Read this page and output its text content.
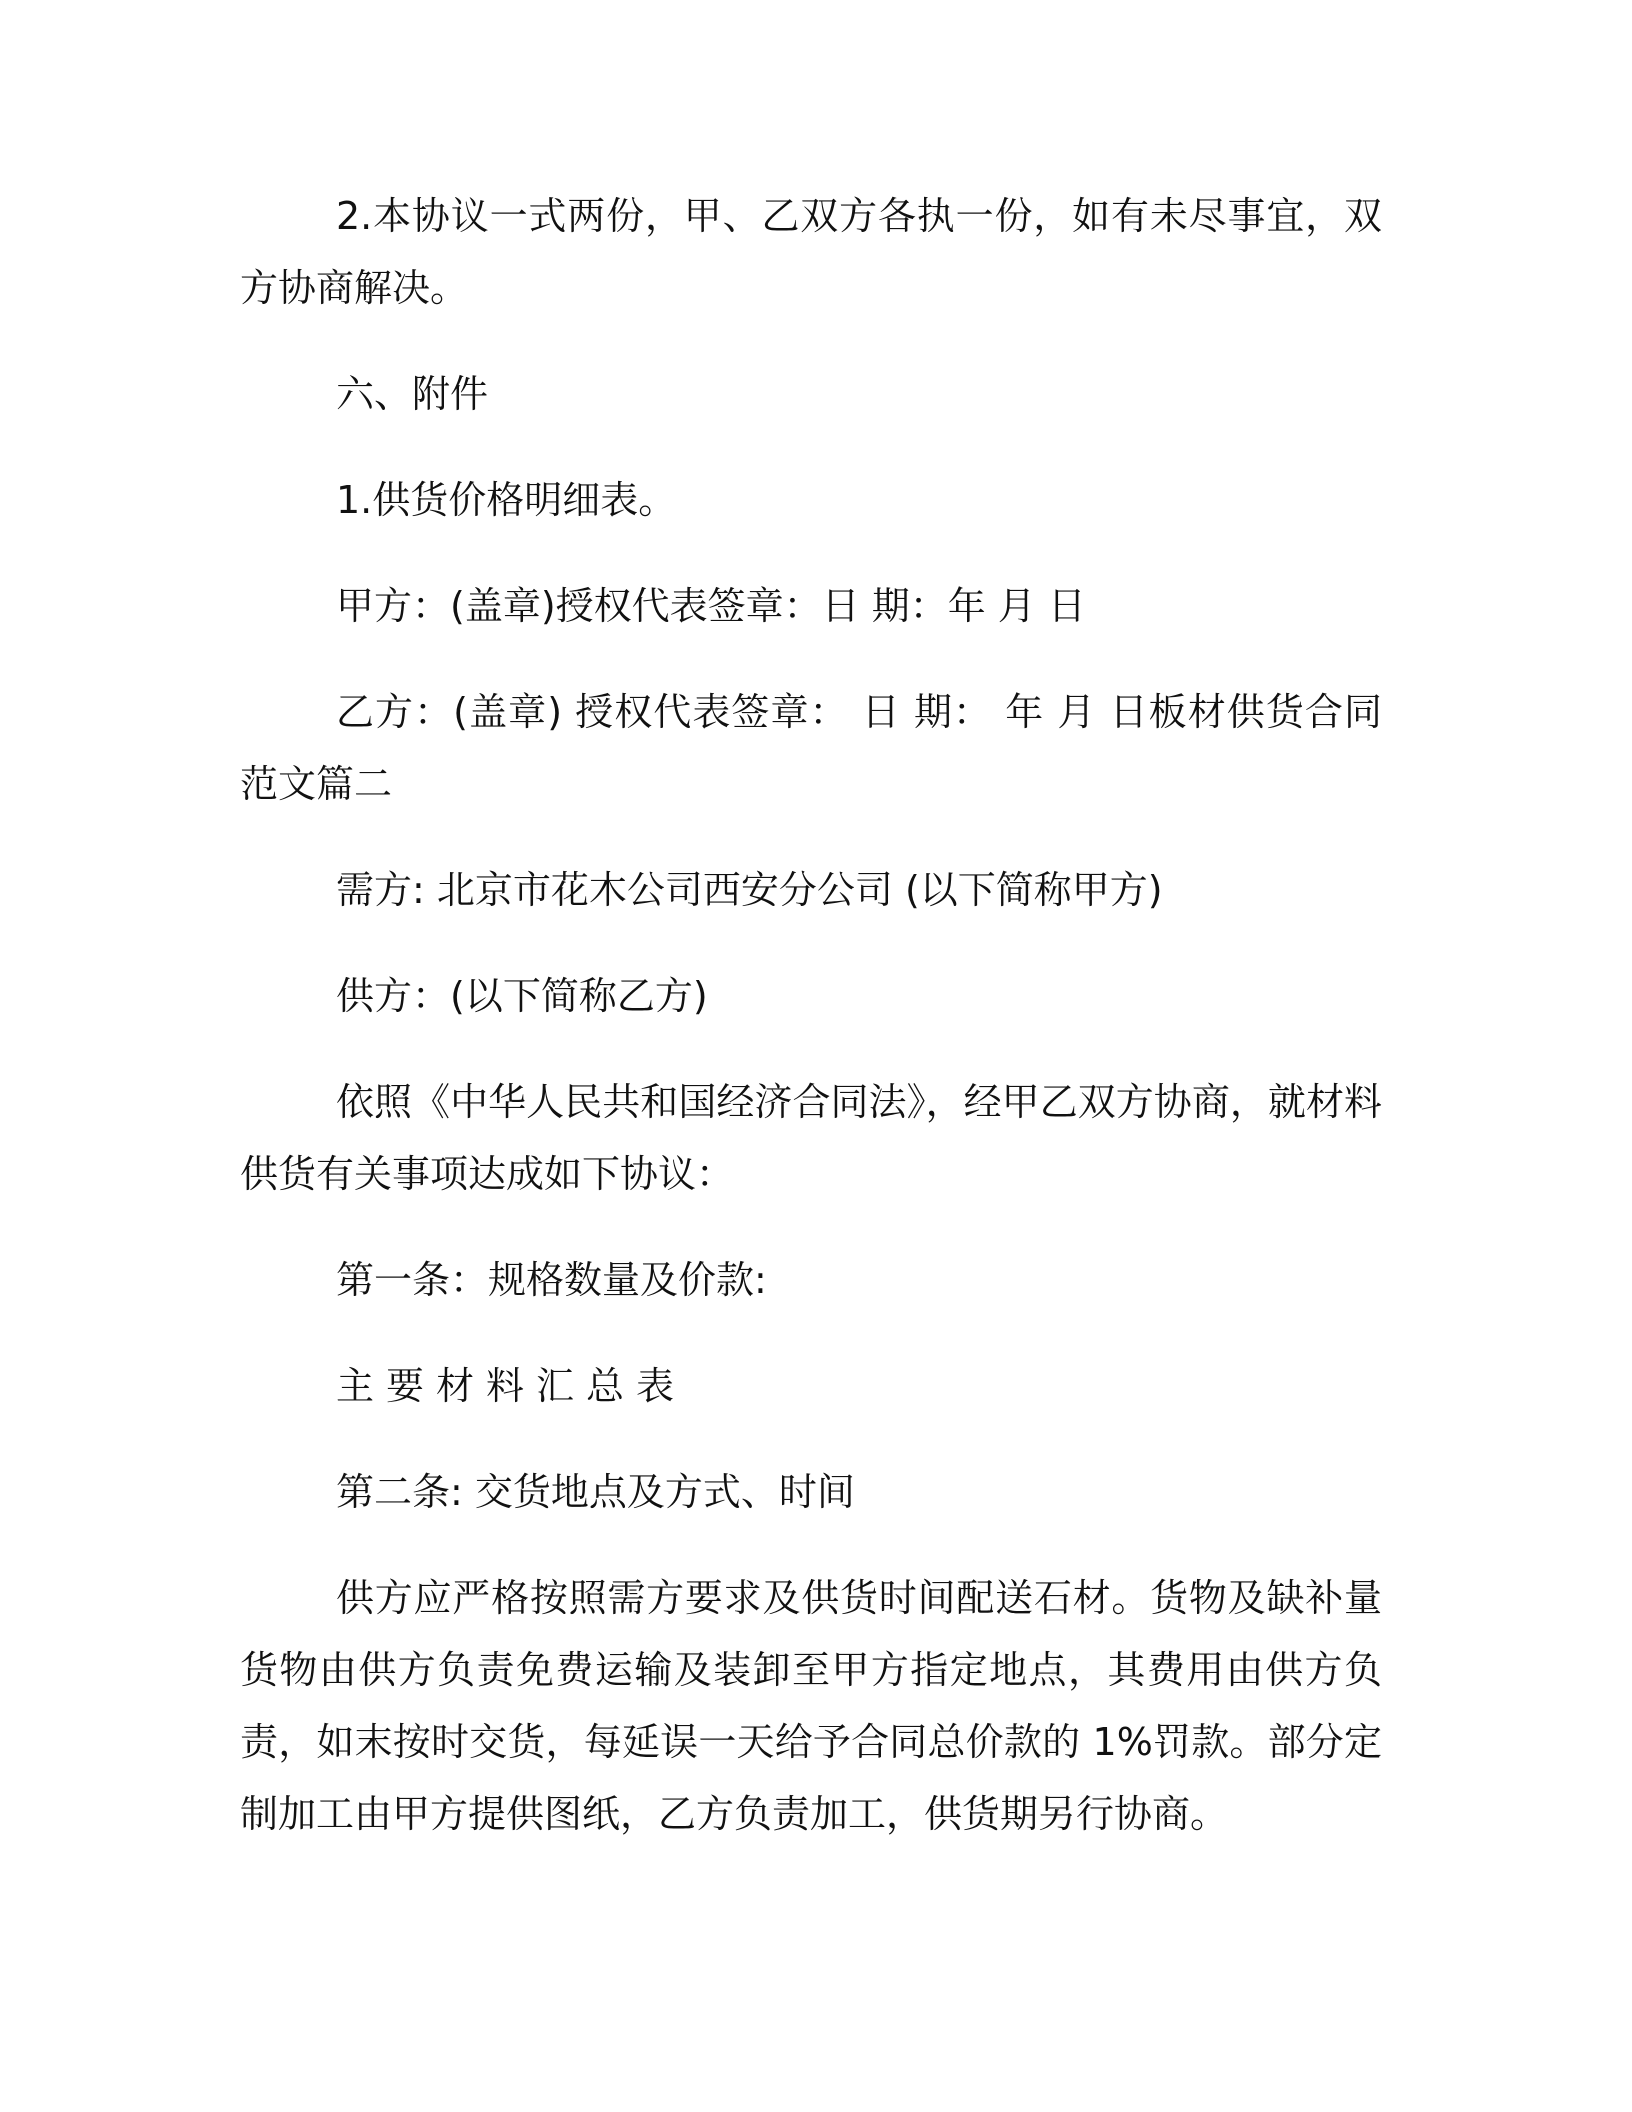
2.本协议一式两份，甲、乙双方各执一份，如有未尽事宜，双方协商解决。

六、附件

1.供货价格明细表。

甲方：(盖章)授权代表签章：日 期：年 月 日

乙方：(盖章) 授权代表签章： 日 期： 年 月 日板材供货合同范文篇二

需方: 北京市花木公司西安分公司 (以下简称甲方)

供方：(以下简称乙方)

依照《中华人民共和国经济合同法》，经甲乙双方协商，就材料供货有关事项达成如下协议：

第一条：规格数量及价款:

主要材料汇总表

第二条: 交货地点及方式、时间

供方应严格按照需方要求及供货时间配送石材。货物及缺补量货物由供方负责免费运输及装卸至甲方指定地点，其费用由供方负责，如末按时交货，每延误一天给予合同总价款的 1%罚款。部分定制加工由甲方提供图纸，乙方负责加工，供货期另行协商。
